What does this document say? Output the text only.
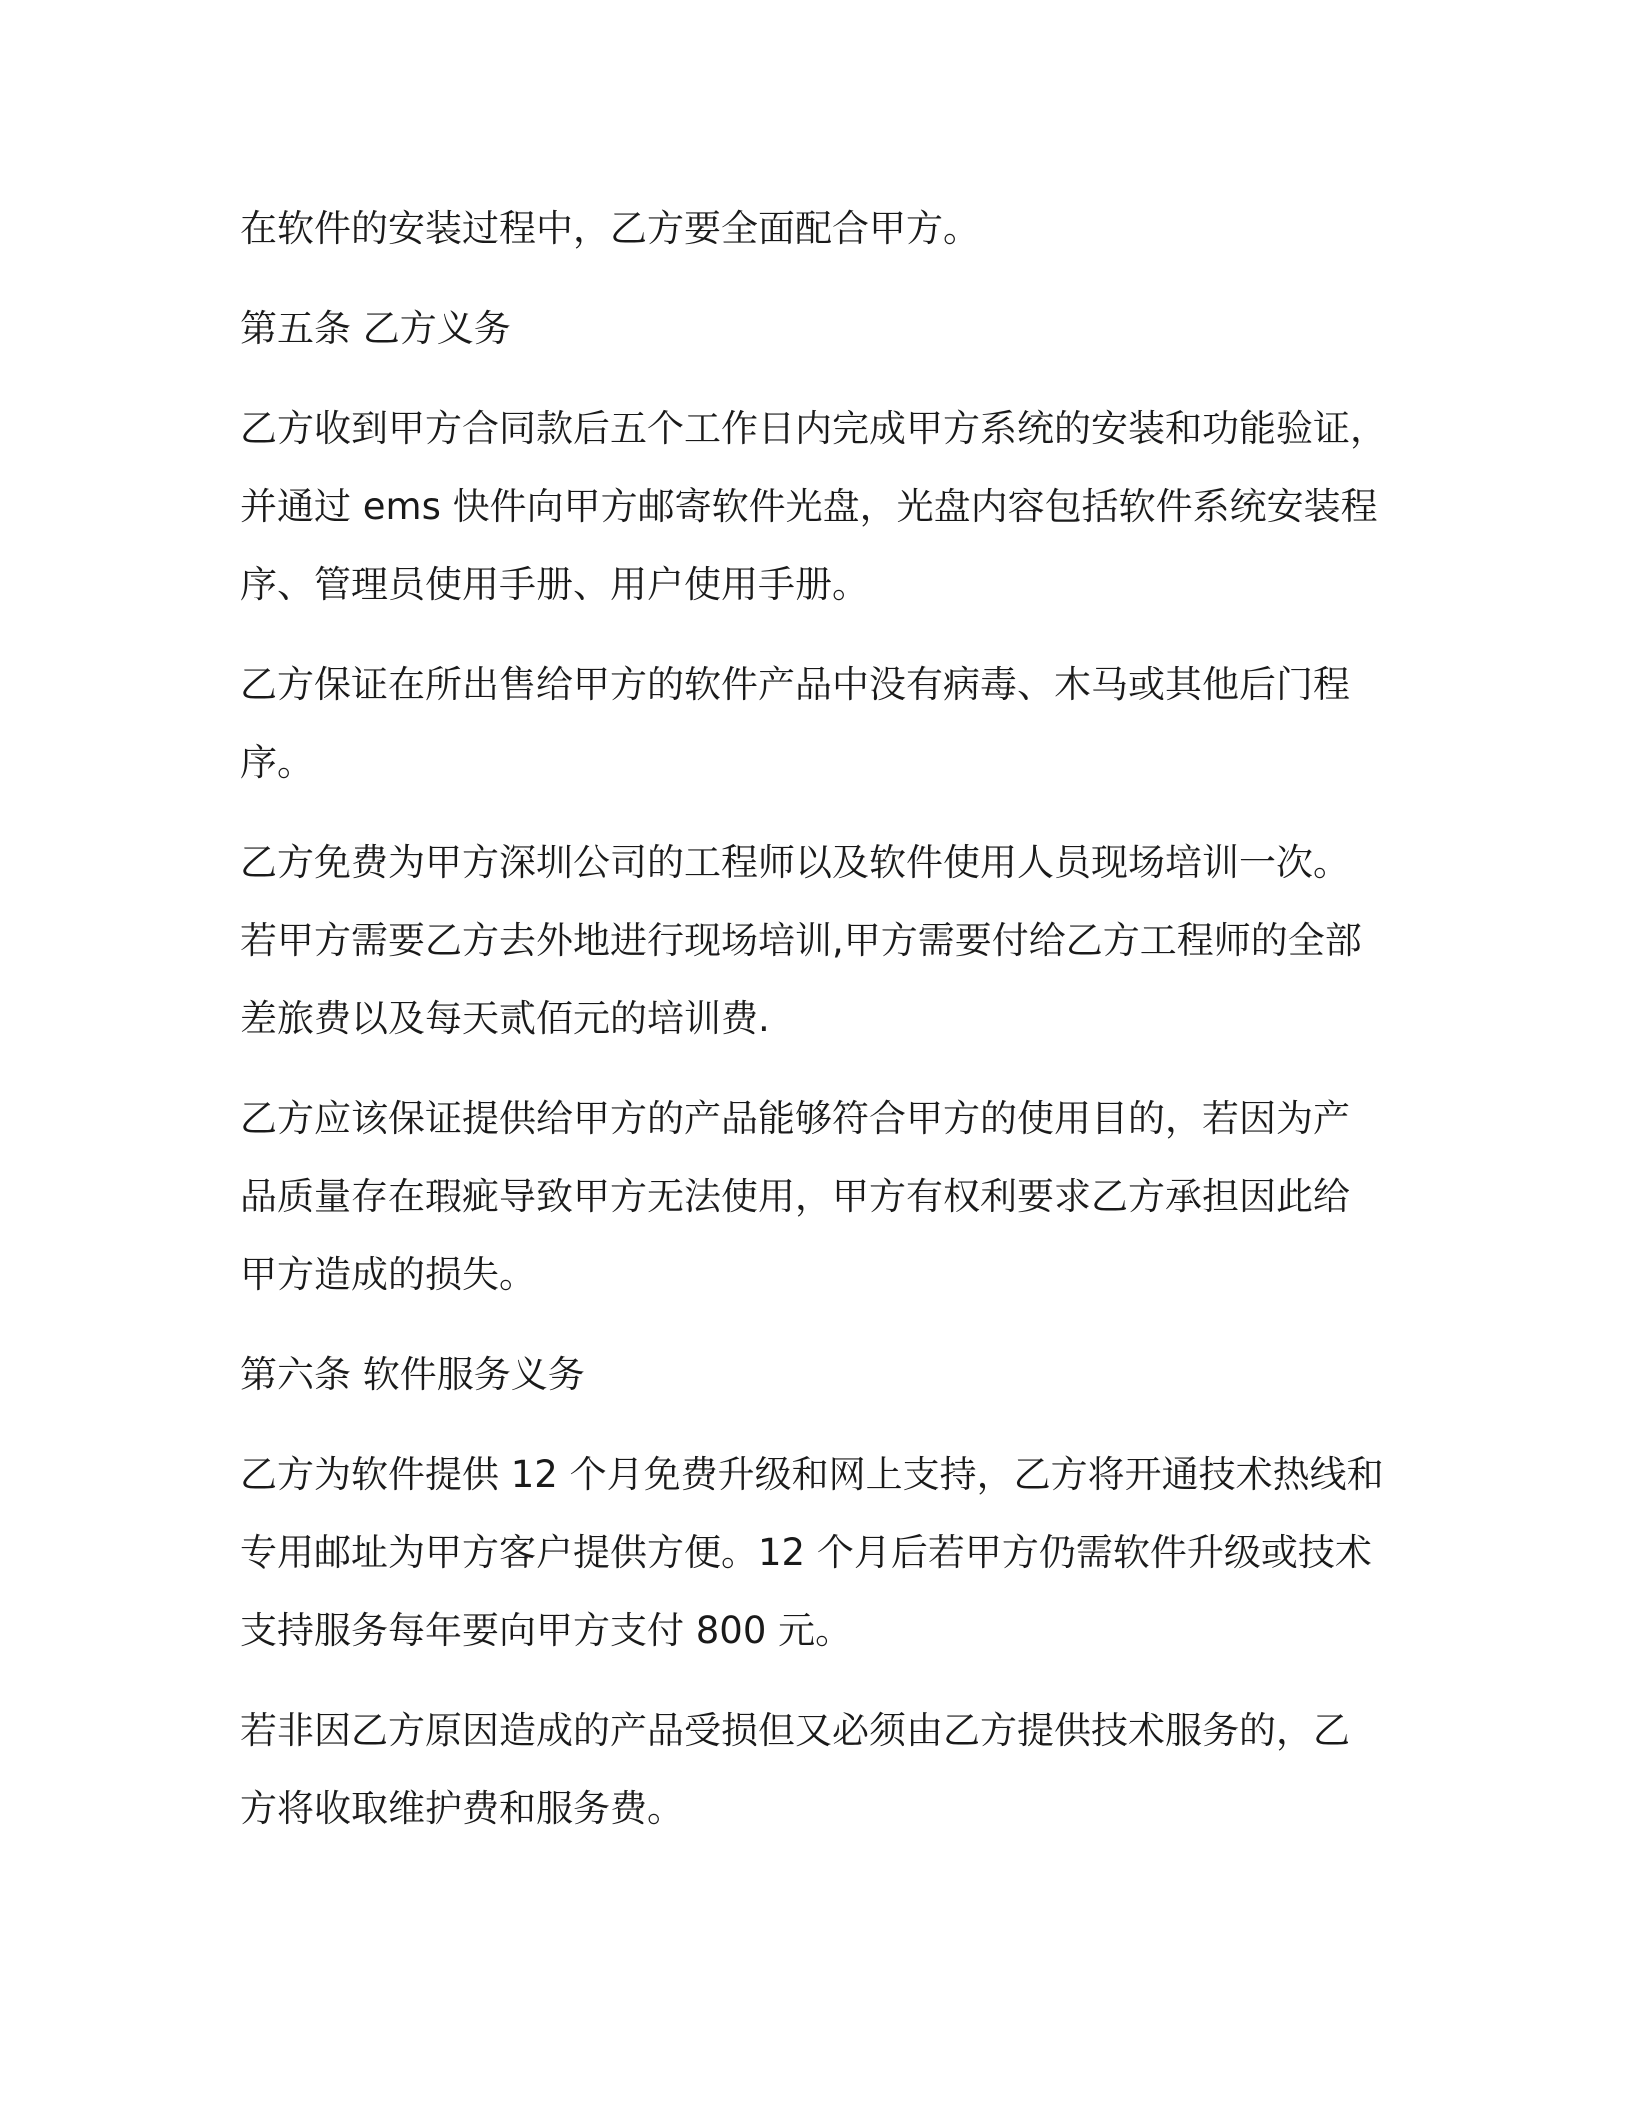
在软件的安装过程中，乙方要全面配合甲方。

第五条 乙方义务

乙方收到甲方合同款后五个工作日内完成甲方系统的安装和功能验证，
并通过 ems 快件向甲方邮寄软件光盘，光盘内容包括软件系统安装程
序、管理员使用手册、用户使用手册。

乙方保证在所出售给甲方的软件产品中没有病毒、木马或其他后门程
序。

乙方免费为甲方深圳公司的工程师以及软件使用人员现场培训一次。
若甲方需要乙方去外地进行现场培训,甲方需要付给乙方工程师的全部
差旅费以及每天贰佰元的培训费.

乙方应该保证提供给甲方的产品能够符合甲方的使用目的，若因为产
品质量存在瑕疵导致甲方无法使用，甲方有权利要求乙方承担因此给
甲方造成的损失。

第六条 软件服务义务

乙方为软件提供 12 个月免费升级和网上支持，乙方将开通技术热线和
专用邮址为甲方客户提供方便。12 个月后若甲方仍需软件升级或技术
支持服务每年要向甲方支付 800 元。

若非因乙方原因造成的产品受损但又必须由乙方提供技术服务的，乙
方将收取维护费和服务费。
